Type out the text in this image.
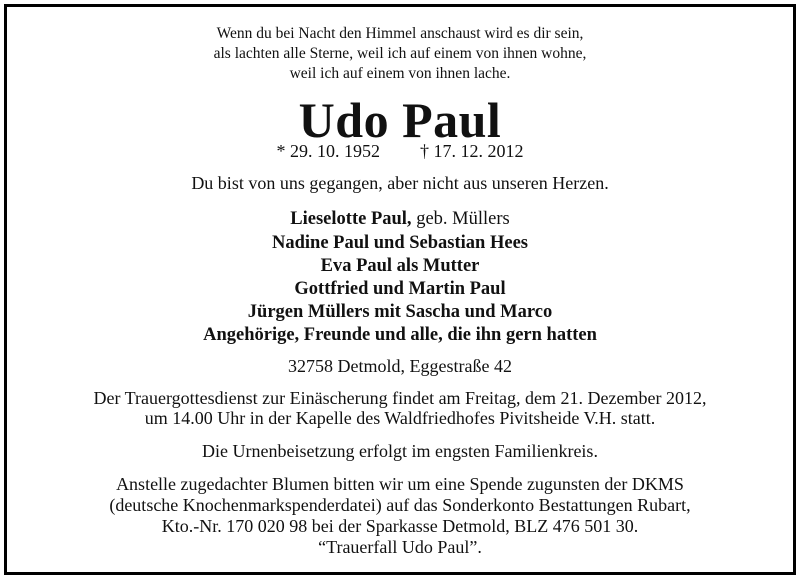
Wenn du bei Nacht den Himmel anschaust wird es dir sein,
als lachten alle Sterne, weil ich auf einem von ihnen wohne,
weil ich auf einem von ihnen lache.
Udo Paul
* 29. 10. 1952 † 17. 12. 2012
Du bist von uns gegangen, aber nicht aus unseren Herzen.
Lieselotte Paul, geb. Müllers
Nadine Paul und Sebastian Hees
Eva Paul als Mutter
Gottfried und Martin Paul
Jürgen Müllers mit Sascha und Marco
Angehörige, Freunde und alle, die ihn gern hatten
32758 Detmold, Eggestraße 42
Der Trauergottesdienst zur Einäscherung findet am Freitag, dem 21. Dezember 2012,
um 14.00 Uhr in der Kapelle des Waldfriedhofes Pivitsheide V.H. statt.
Die Urnenbeisetzung erfolgt im engsten Familienkreis.
Anstelle zugedachter Blumen bitten wir um eine Spende zugunsten der DKMS
(deutsche Knochenmarkspenderdatei) auf das Sonderkonto Bestattungen Rubart,
Kto.-Nr. 170 020 98 bei der Sparkasse Detmold, BLZ 476 501 30.
“Trauerfall Udo Paul”.
